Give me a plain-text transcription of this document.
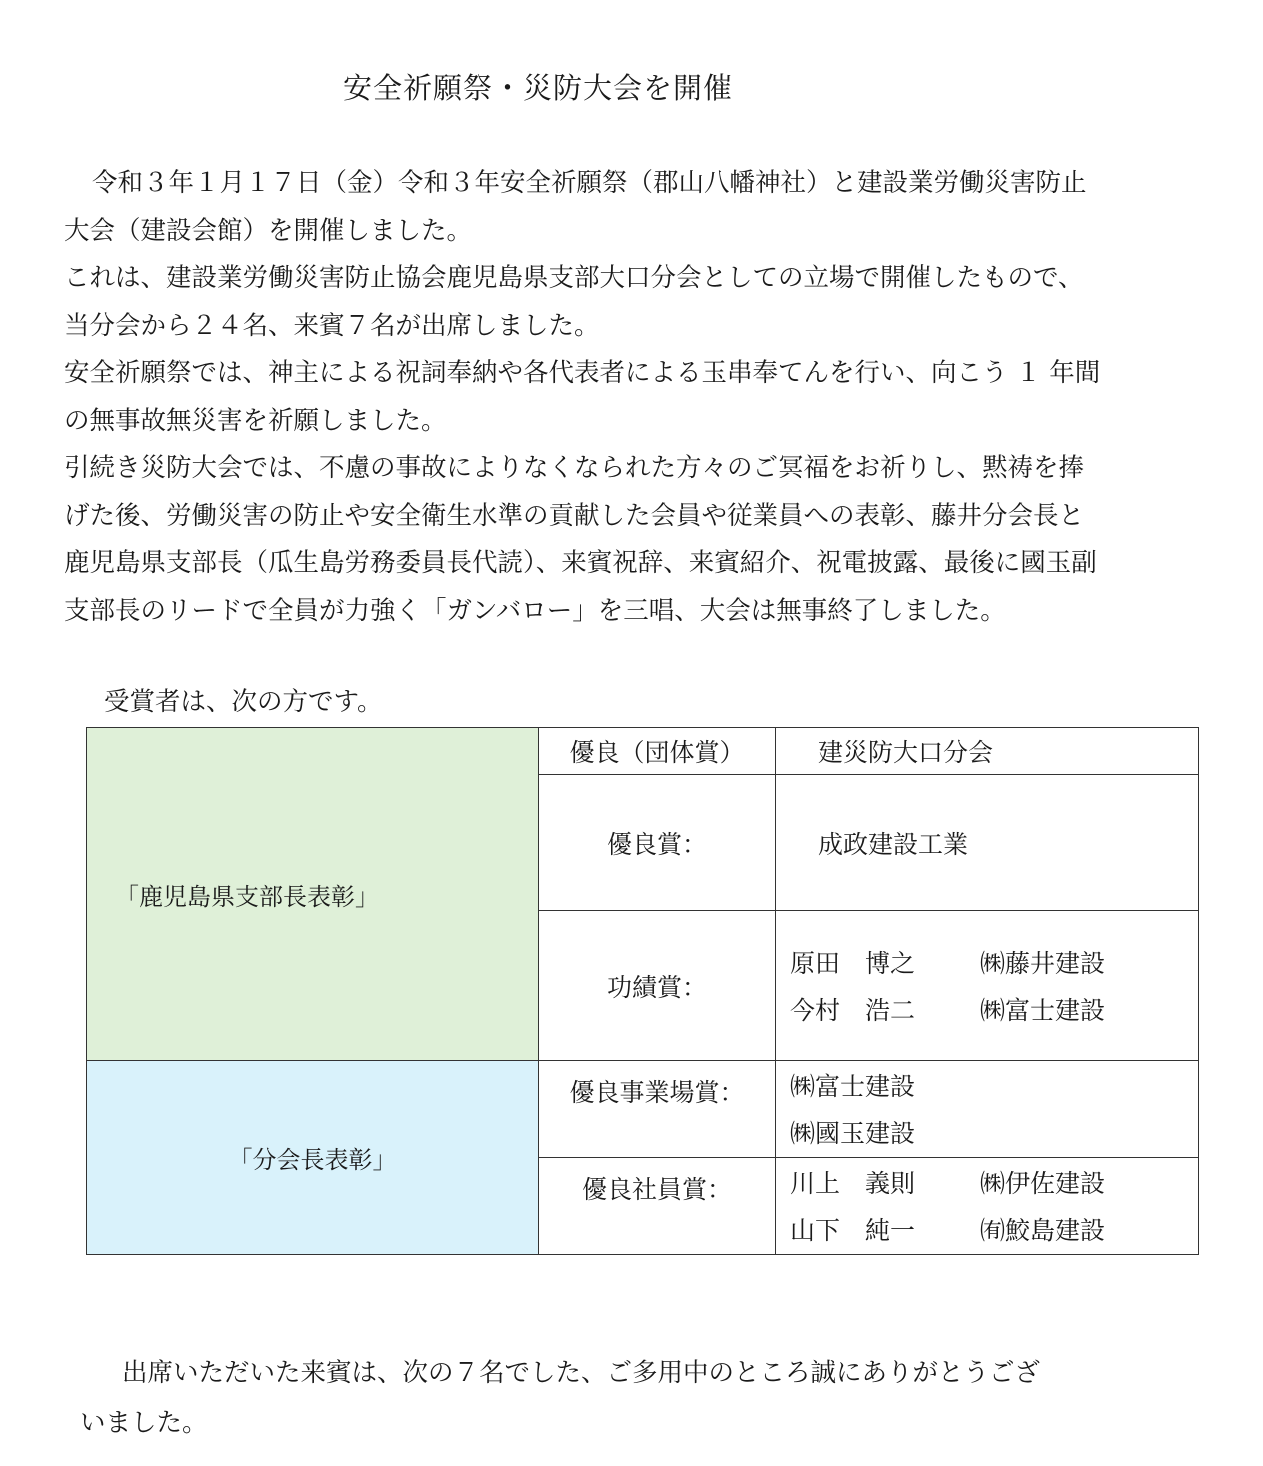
安全祈願祭・災防大会を開催

令和３年１月１７日（金）令和３年安全祈願祭（郡山八幡神社）と建設業労働災害防止

大会（建設会館）を開催しました。

これは、建設業労働災害防止協会鹿児島県支部大口分会としての立場で開催したもので、

当分会から２４名、来賓７名が出席しました。

安全祈願祭では、神主による祝詞奉納や各代表者による玉串奉てんを行い、向こう １ 年間

の無事故無災害を祈願しました。

引続き災防大会では、不慮の事故によりなくなられた方々のご冥福をお祈りし、黙祷を捧

げた後、労働災害の防止や安全衛生水準の貢献した会員や従業員への表彰、藤井分会長と

鹿児島県支部長（瓜生島労務委員長代読）、来賓祝辞、来賓紹介、祝電披露、最後に國玉副

支部長のリードで全員が力強く「ガンバロー」を三唱、大会は無事終了しました。

受賞者は、次の方です。
「鹿児島県支部長表彰」	優良（団体賞）	建災防大口分会
	優良賞：	成政建設工業
	功績賞：	原田　博之 ㈱藤井建設
今村　浩二 ㈱富士建設

「分会長表彰」	優良事業場賞：	㈱富士建設
㈱國玉建設

	優良社員賞：	川上　義則 ㈱伊佐建設
山下　純一 ㈲鮫島建設

出席いただいた来賓は、次の７名でした、ご多用中のところ誠にありがとうござ

いました。
